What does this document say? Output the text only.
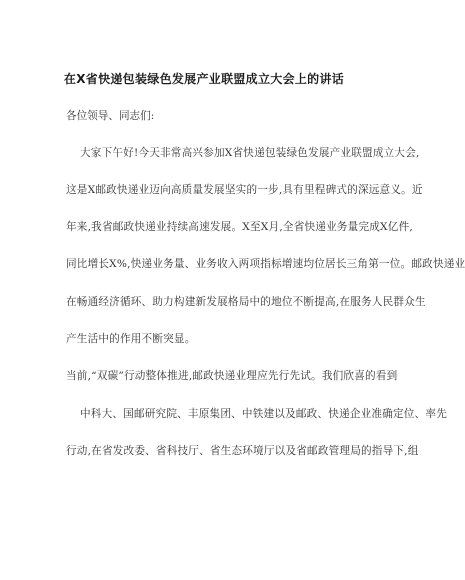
在X省快递包装绿色发展产业联盟成立大会上的讲话
各位领导、同志们:
大家下午好!今天非常高兴参加X省快递包装绿色发展产业联盟成立大会,
这是X邮政快递业迈向高质量发展坚实的一步,具有里程碑式的深远意义。近
年来,我省邮政快递业持续高速发展。X至X月,全省快递业务量完成X亿件,
同比增长X%,快递业务量、业务收入两项指标增速均位居长三角第一位。邮政快递业
在畅通经济循环、助力构建新发展格局中的地位不断提高,在服务人民群众生
产生活中的作用不断突显。
当前,“双碳”行动整体推进,邮政快递业理应先行先试。我们欣喜的看到
中科大、国邮研究院、丰原集团、中铁建以及邮政、快递企业准确定位、率先
行动,在省发改委、省科技厅、省生态环境厅以及省邮政管理局的指导下,组
